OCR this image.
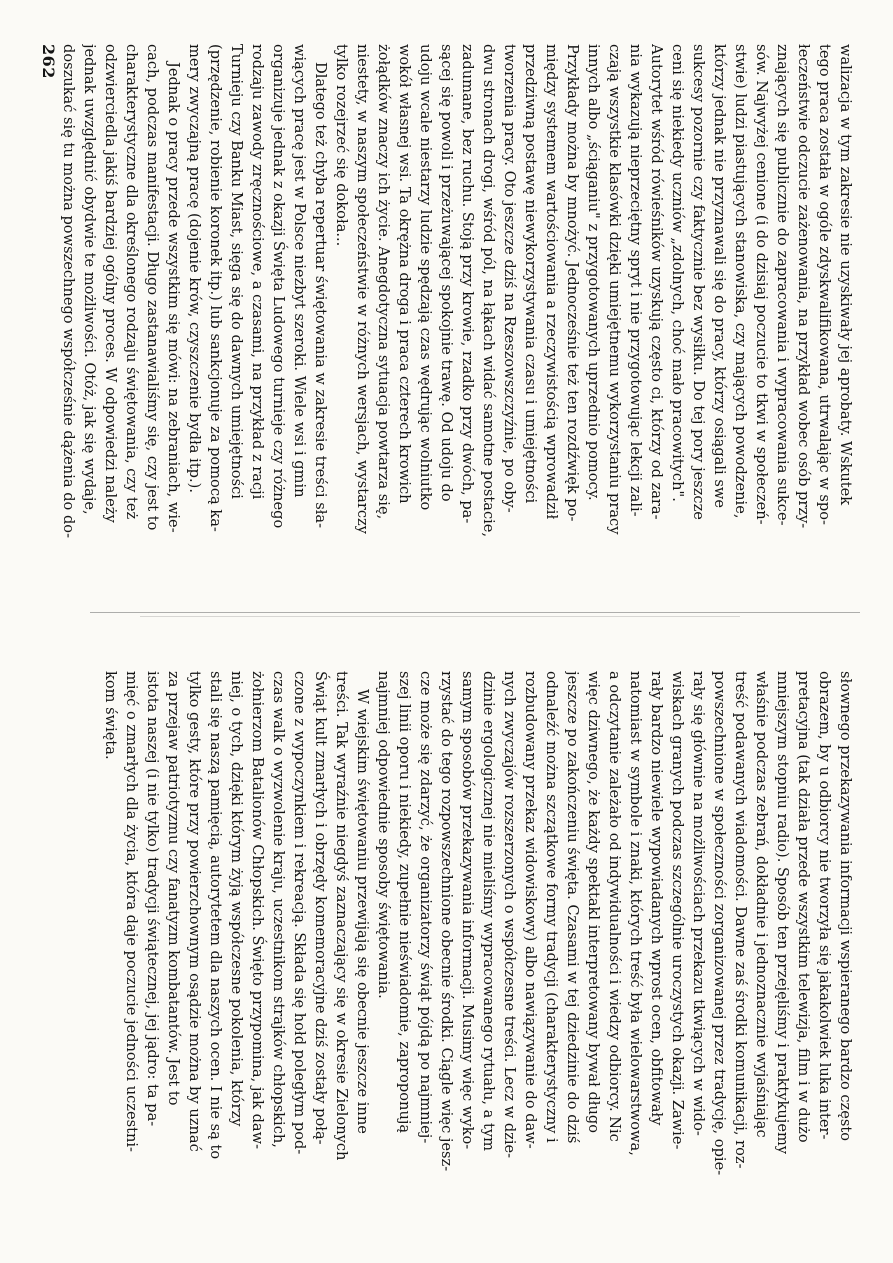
262	walizacja w tym zakresie nie uzyskiwały jej aprobaty. Wskutek
tego praca została w ogóle zdyskwalifikowana, utrwalając w spo-
łeczeństwie odczucie zażenowania, na przykład wobec osób przy-
znających się publicznie do zapracowania i wypracowania sukce-
sów. Najwyżej cenione (i do dzisiaj poczucie to tkwi w społeczeń-
stwie) ludzi piastujących stanowiska, czy mających powodzenie,
którzy jednak nie przyznawali się do pracy, którzy osiągali swe
sukcesy pozornie czy faktycznie bez wysiłku. Do tej pory jeszcze
ceni się niekiedy uczniów „zdolnych, choć mało pracowitych".
Autorytet wśród rówieśników uzyskują często ci, którzy od zara-
nia wykazują nieprzeciętny spryt i nie przygotowując lekcji zali-
czają wszystkie klasówki dzięki umiejętnemu wykorzystaniu pracy
innych albo „ściąganiu" z przygotowanych uprzednio pomocy.
Przykłady można by mnożyć. Jednocześnie też ten rozdźwięk po-
między systemem wartościowania a rzeczywistością wprowadził
przedziwną postawę niewykorzystywania czasu i umiejętności
tworzenia pracy. Oto jeszcze dziś na Rzeszowszczyźnie, po oby-
dwu stronach drogi, wśród pól, na łąkach widać samotne postacie,
zadumane, bez ruchu. Stoją przy krowie, rzadko przy dwóch, pa-
sącej się powoli i przeżuwającej spokojnie trawę. Od udoju do
udoju wcale niestarzy ludzie spędzają czas wędrując wolniutko
wokół własnej wsi. Ta okrężna droga i praca czterech krowich
żołądków znaczy ich życie. Anegdotyczna sytuacja powtarza się,
niestety, w naszym społeczeństwie w różnych wersjach, wystarczy
tylko rozejrzeć się dokoła...
Dlatego też chyba repertuar świętowania w zakresie treści sła-
wiących pracę jest w Polsce niezbyt szeroki. Wiele wsi i gmin
organizuje jednak z okazji Święta Ludowego turnieje czy różnego
rodzaju zawody zręcznościowe, a czasami, na przykład z racji
Turnieju czy Banku Miast, sięga się do dawnych umiejętności
(przędzenie, robienie koronek itp.) lub sankcjonuje za pomocą ka-
mery zwyczajną pracę (dojenie krów, czyszczenie bydła itp.).
Jednak o pracy przede wszystkim się mówi: na zebraniach, wie-
cach, podczas manifestacji. Długo zastanawialiśmy się, czy jest to
charakterystyczne dla określonego rodzaju świętowania, czy też
odzwierciedla jakiś bardziej ogólny proces. W odpowiedzi należy
jednak uwzględnić obydwie te możliwości. Otóż, jak się wydaje,
doszukać się tu można powszechnego współcześnie dążenia do do-
słownego przekazywania informacji wspieranego bardzo często
obrazem, by u odbiorcy nie tworzyła się jakakolwiek luka inter-
pretacyjna (tak działa przede wszystkim telewizja, film i w dużo
mniejszym stopniu radio). Sposób ten przejęliśmy i praktykujemy
właśnie podczas zebrań, dokładnie i jednoznacznie wyjaśniając
treść podawanych wiadomości. Dawne zaś środki komunikacji, roz-
powszechnione w społeczności zorganizowanej przez tradycję, opie-
rały się głównie na możliwościach przekazu tkwiących w wido-
wiskach granych podczas szczególnie uroczystych okazji. Zawie-
rały bardzo niewiele wypowiadanych wprost ocen, obfitowały
natomiast w symbole i znaki, których treść była wielowarstwowa,
a odczytanie zależało od indywidualności i wiedzy odbiorcy. Nic
więc dziwnego, że każdy spektakl interpretowany bywał długo
jeszcze po zakończeniu święta. Czasami w tej dziedzinie do dziś
odnaleźć można szczątkowe formy tradycji (charakterystyczny i
rozbudowany przekaz widowiskowy) albo nawiązywanie do daw-
nych zwyczajów rozszerzonych o współczesne treści. Lecz w dzie-
dzinie ergologicznej nie mieliśmy wypracowanego rytuału, a tym
samym sposobów przekazywania informacji. Musimy więc wyko-
rzystać do tego rozpowszechnione obecnie środki. Ciągle więc jesz-
cze może się zdarzyć, że organizatorzy świąt pójdą po najmniej-
szej linii oporu i niekiedy, zupełnie nieświadomie, zaproponują
najmniej odpowiednie sposoby świętowania.
W wiejskim świętowaniu przewijają się obecnie jeszcze inne
treści. Tak wyraźnie niegdyś zaznaczający się w okresie Zielonych
Świąt kult zmarłych i obrzędy komemoracyjne dziś zostały połą-
czone z wypoczynkiem i rekreacją. Składa się hołd poległym pod-
czas walk o wyzwolenie kraju, uczestnikom strajków chłopskich,
żołnierzom Batalionów Chłopskich. Święto przypomina, jak daw-
niej, o tych, dzięki którym żyją współczesne pokolenia, którzy
stali się naszą pamięcią, autorytetem dla naszych ocen. I nie są to
tylko gesty, które przy powierzchownym osądzie można by uznać
za przejaw patriotyzmu czy fanatyzm kombatantów. Jest to
istota naszej (i nie tylko) tradycji świątecznej, jej jądro: ta pa-
mięć o zmarłych dla życia, która daje poczucie jedności uczestni-
kom święta.
